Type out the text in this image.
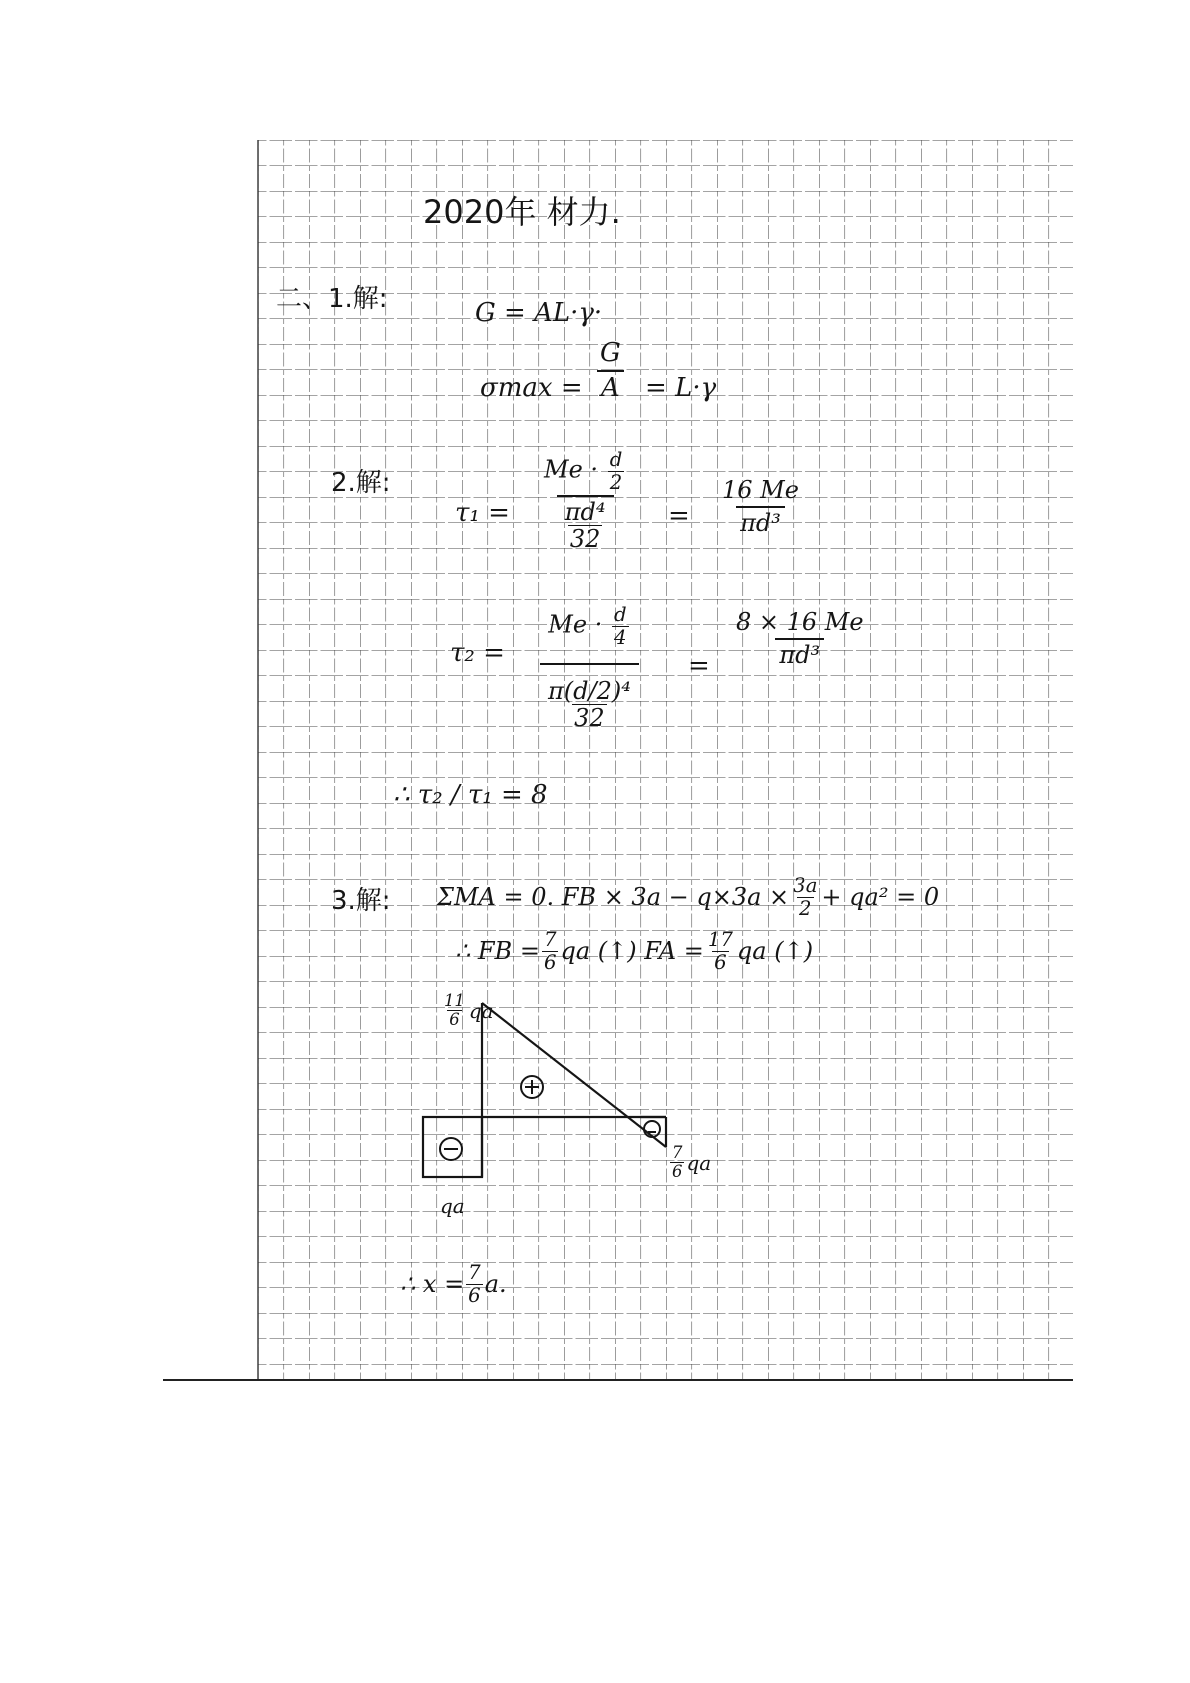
2020年 材力.
二、1.解:	G = AL·γ·
$\sigma\max = \frac{G}{A} = L\cdot\gamma$
2.解:
$\tau_1 = \frac{Me \cdot \frac{d}{2}}{\frac{\text{πd⁴}}{32}} = \frac{16 Me}{\text{πd³}}$
$\tau_2 = \frac{Me \cdot \frac{d}{4}}{\frac{\text{π(d/2)⁴}}{32}} = \frac{8 \times 16 Me}{\text{πd³}}$
∴ τ₂ / τ₁ = 8
3.解: ΣMA = 0. FB × $3a - q\times 3a \times \frac{3a}{2} + qa^2 = 0$
∴ FB = $\frac{7}{6}$ qa (↑) FA = $\frac{17}{6}$ qa (↑)
$\frac{11}{6}$ qa
qa
$\frac{7}{6}$ qa
∴ $x = \frac{7}{6} a$.
